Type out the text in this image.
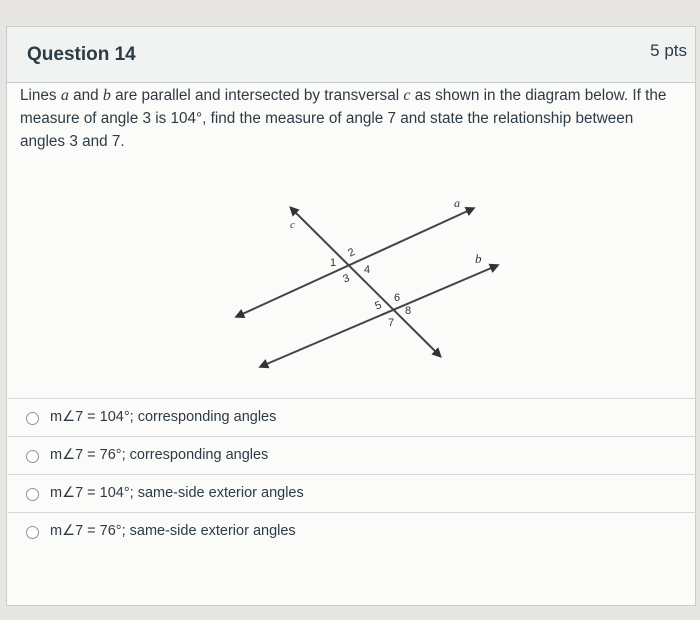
Question 14	5 pts
Lines a and b are parallel and intersected by transversal c as shown in the diagram below. If the measure of angle 3 is 104°, find the measure of angle 7 and state the relationship between angles 3 and 7.
a
b
c
1
2
3
4
5
6
7
8
m∠7 = 104°; corresponding angles
m∠7 = 76°; corresponding angles
m∠7 = 104°; same-side exterior angles
m∠7 = 76°; same-side exterior angles
